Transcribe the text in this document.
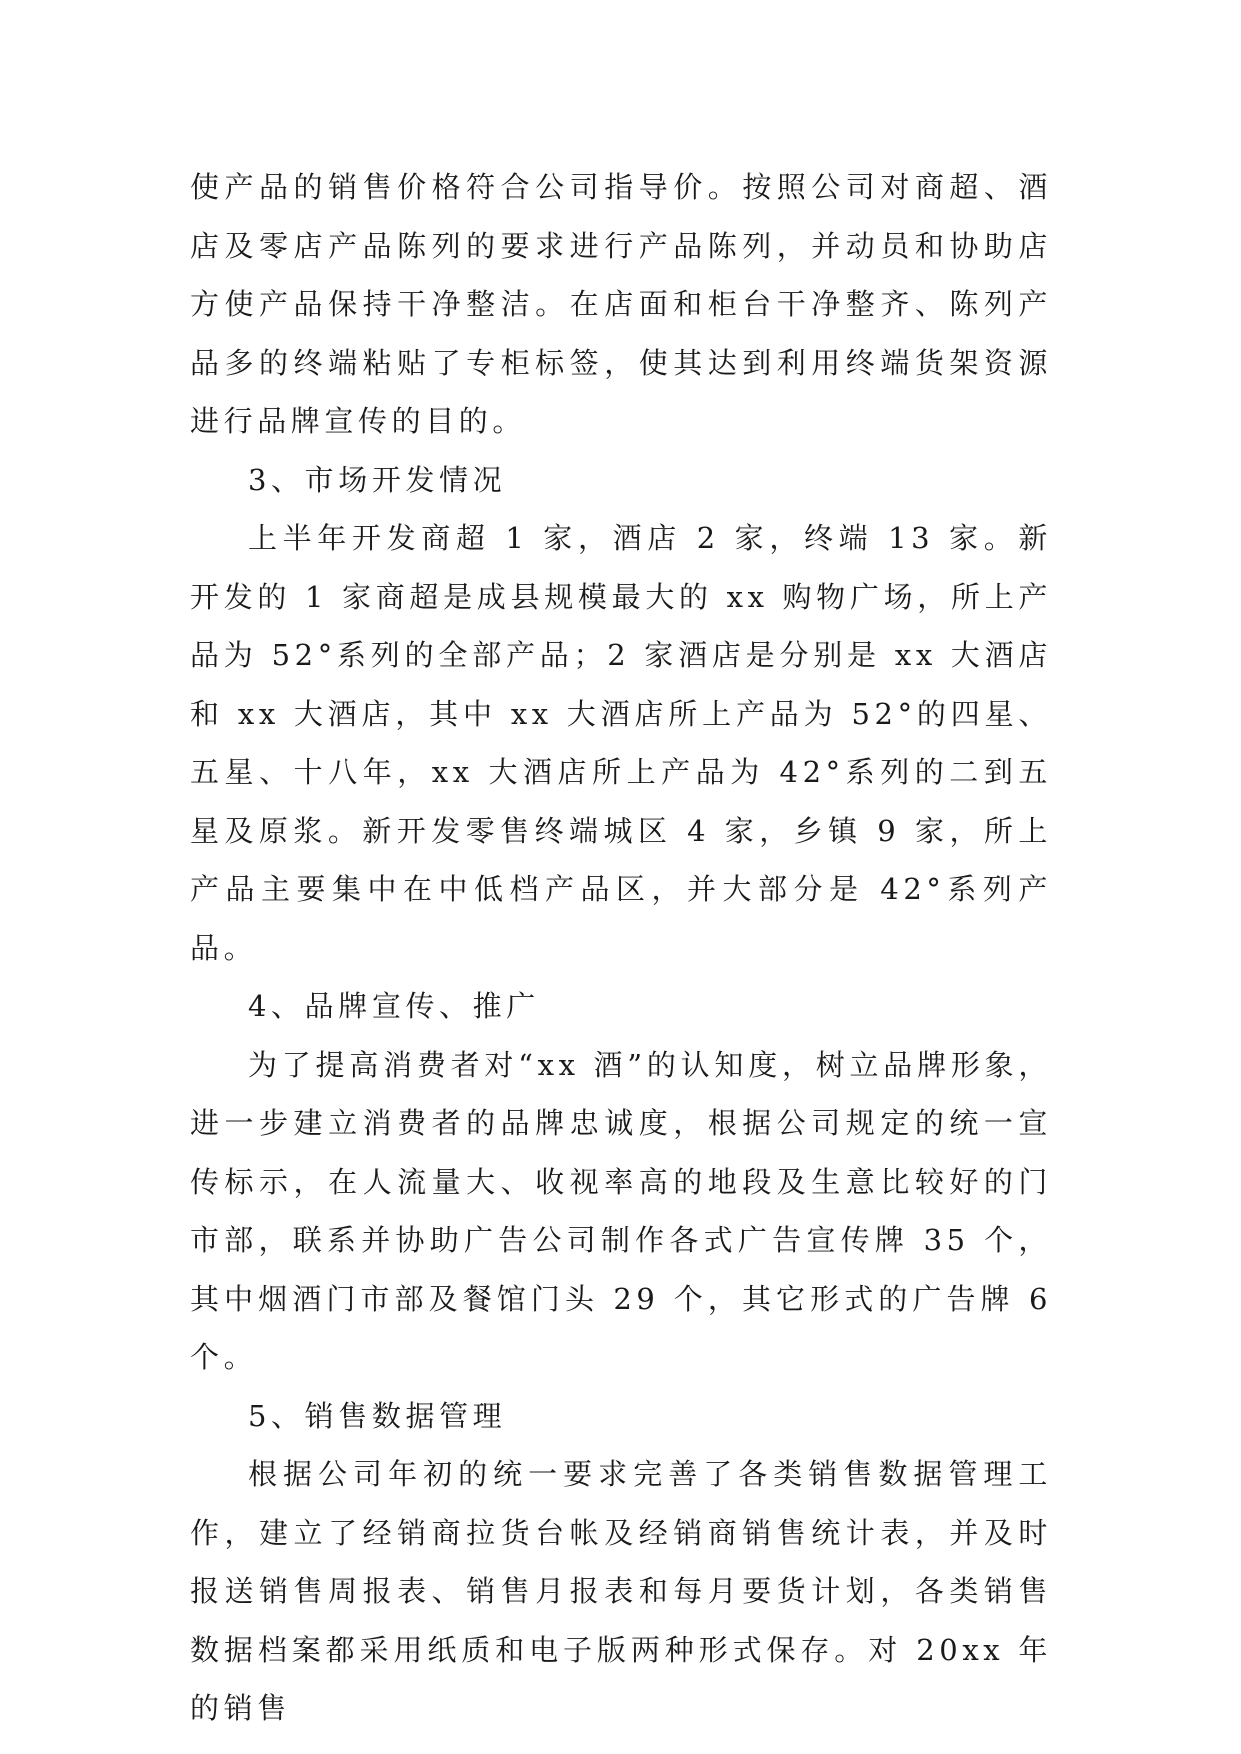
使产品的销售价格符合公司指导价。按照公司对商超、酒店及零店产品陈列的要求进行产品陈列，并动员和协助店方使产品保持干净整洁。在店面和柜台干净整齐、陈列产品多的终端粘贴了专柜标签，使其达到利用终端货架资源进行品牌宣传的目的。

3、市场开发情况

上半年开发商超 1 家，酒店 2 家，终端 13 家。新开发的 1 家商超是成县规模最大的 xx 购物广场，所上产品为 52°系列的全部产品；2 家酒店是分别是 xx 大酒店和 xx 大酒店，其中 xx 大酒店所上产品为 52°的四星、五星、十八年，xx 大酒店所上产品为 42°系列的二到五星及原浆。新开发零售终端城区 4 家，乡镇 9 家，所上产品主要集中在中低档产品区，并大部分是 42°系列产品。

4、品牌宣传、推广

为了提高消费者对“xx 酒”的认知度，树立品牌形象，进一步建立消费者的品牌忠诚度，根据公司规定的统一宣传标示，在人流量大、收视率高的地段及生意比较好的门市部，联系并协助广告公司制作各式广告宣传牌 35 个，其中烟酒门市部及餐馆门头 29 个，其它形式的广告牌 6 个。

5、销售数据管理

根据公司年初的统一要求完善了各类销售数据管理工作，建立了经销商拉货台帐及经销商销售统计表，并及时报送销售周报表、销售月报表和每月要货计划，各类销售数据档案都采用纸质和电子版两种形式保存。对 20xx 年的销售
